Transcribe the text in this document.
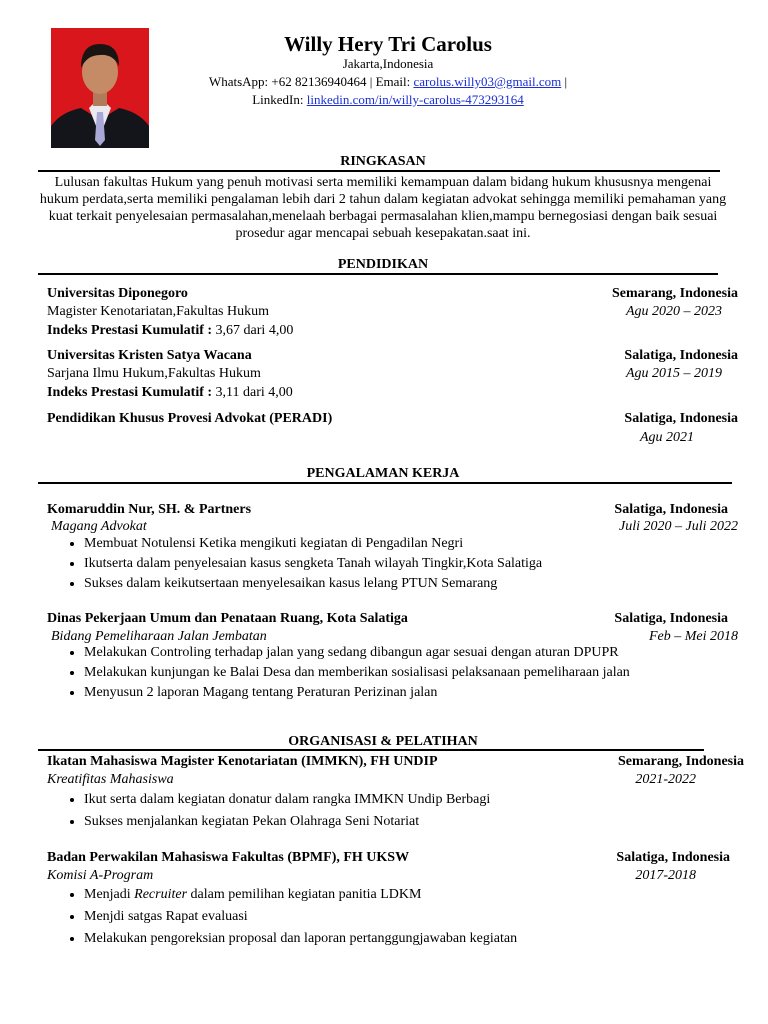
Willy Hery Tri Carolus
Jakarta,Indonesia
WhatsApp: +62 82136940464 | Email: carolus.willy03@gmail.com |
LinkedIn: linkedin.com/in/willy-carolus-473293164
RINGKASAN
Lulusan fakultas Hukum yang penuh motivasi serta memiliki kemampuan dalam bidang hukum khususnya mengenai hukum perdata,serta memiliki pengalaman lebih dari 2 tahun dalam kegiatan advokat sehingga memiliki pemahaman yang kuat terkait penyelesaian permasalahan,menelaah berbagai permasalahan klien,mampu bernegosiasi dengan baik sesuai prosedur agar mencapai sebuah kesepakatan.saat ini.
PENDIDIKAN
Universitas Diponegoro	Semarang, Indonesia
Magister Kenotariatan,Fakultas Hukum	Agu 2020 – 2023
Indeks Prestasi Kumulatif : 3,67 dari 4,00
Universitas Kristen Satya Wacana	Salatiga, Indonesia
Sarjana Ilmu Hukum,Fakultas Hukum	Agu 2015 – 2019
Indeks Prestasi Kumulatif : 3,11 dari 4,00
Pendidikan Khusus Provesi Advokat (PERADI)	Salatiga, Indonesia
Agu 2021
PENGALAMAN KERJA
Komaruddin Nur, SH. & Partners	Salatiga, Indonesia
Magang Advokat	Juli 2020 – Juli 2022
• Membuat Notulensi Ketika mengikuti kegiatan di Pengadilan Negri
• Ikutserta dalam penyelesaian kasus sengketa Tanah wilayah Tingkir,Kota Salatiga
• Sukses dalam keikutsertaan menyelesaikan kasus lelang PTUN Semarang
Dinas Pekerjaan Umum dan Penataan Ruang, Kota Salatiga	Salatiga, Indonesia
Bidang Pemeliharaan Jalan Jembatan	Feb – Mei 2018
• Melakukan Controling terhadap jalan yang sedang dibangun agar sesuai dengan aturan DPUPR
• Melakukan kunjungan ke Balai Desa dan memberikan sosialisasi pelaksanaan pemeliharaan jalan
• Menyusun 2 laporan Magang tentang Peraturan Perizinan jalan
ORGANISASI & PELATIHAN
Ikatan Mahasiswa Magister Kenotariatan (IMMKN), FH UNDIP	Semarang, Indonesia
Kreatifitas Mahasiswa	2021-2022
• Ikut serta dalam kegiatan donatur dalam rangka IMMKN Undip Berbagi
• Sukses menjalankan kegiatan Pekan Olahraga Seni Notariat
Badan Perwakilan Mahasiswa Fakultas (BPMF), FH UKSW	Salatiga, Indonesia
Komisi A-Program	2017-2018
• Menjadi Recruiter dalam pemilihan kegiatan panitia LDKM
• Menjdi satgas Rapat evaluasi
• Melakukan pengoreksian proposal dan laporan pertanggungjawaban kegiatan
